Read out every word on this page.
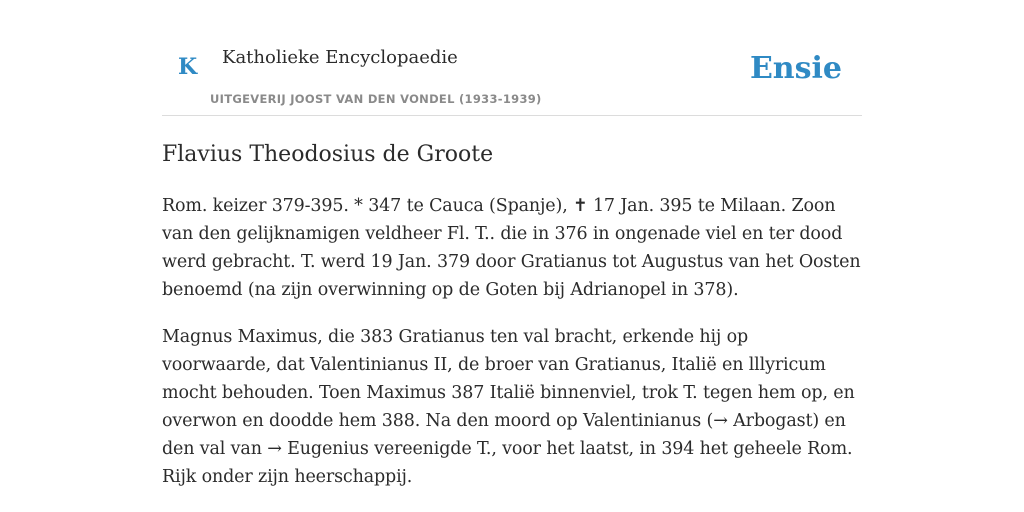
K Katholieke Encyclopaedie
UITGEVERIJ JOOST VAN DEN VONDEL (1933-1939)
Ensie
Flavius Theodosius de Groote

Rom. keizer 379-395. * 347 te Cauca (Spanje), ✝ 17 Jan. 395 te Milaan. Zoon van den gelijknamigen veldheer Fl. T.. die in 376 in ongenade viel en ter dood werd gebracht. T. werd 19 Jan. 379 door Gratianus tot Augustus van het Oosten benoemd (na zijn overwinning op de Goten bij Adrianopel in 378).

Magnus Maximus, die 383 Gratianus ten val bracht, erkende hij op voorwaarde, dat Valentinianus II, de broer van Gratianus, Italië en lllyricum mocht behouden. Toen Maximus 387 Italië binnenviel, trok T. tegen hem op, en overwon en doodde hem 388. Na den moord op Valentinianus (→ Arbogast) en den val van → Eugenius vereenigde T., voor het laatst, in 394 het geheele Rom. Rijk onder zijn heerschappij.
